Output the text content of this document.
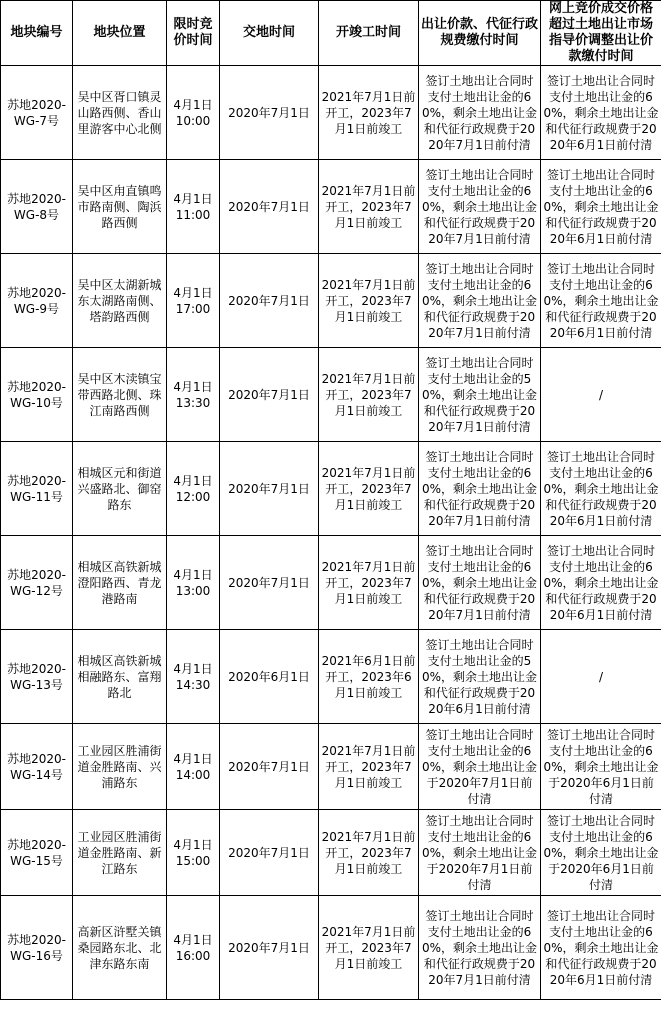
地块编号	地块位置	限时竞价时间	交地时间	开竣工时间	出让价款、代征行政规费缴付时间	网上竞价成交价格超过土地出让市场指导价调整出让价款缴付时间
苏地2020-WG-7号	吴中区胥口镇灵山路西侧、香山里游客中心北侧	4月1日 10:00	2020年7月1日	2021年7月1日前开工，2023年7月1日前竣工	签订土地出让合同时支付土地出让金的60%，剩余土地出让金和代征行政规费于2020年7月1日前付清	签订土地出让合同时支付土地出让金的60%，剩余土地出让金和代征行政规费于2020年6月1日前付清
苏地2020-WG-8号	吴中区甪直镇鸣市路南侧、陶浜路西侧	4月1日 11:00	2020年7月1日	2021年7月1日前开工，2023年7月1日前竣工	签订土地出让合同时支付土地出让金的60%，剩余土地出让金和代征行政规费于2020年7月1日前付清	签订土地出让合同时支付土地出让金的60%，剩余土地出让金和代征行政规费于2020年6月1日前付清
苏地2020-WG-9号	吴中区太湖新城东太湖路南侧、塔韵路西侧	4月1日 17:00	2020年7月1日	2021年7月1日前开工，2023年7月1日前竣工	签订土地出让合同时支付土地出让金的60%，剩余土地出让金和代征行政规费于2020年7月1日前付清	签订土地出让合同时支付土地出让金的60%，剩余土地出让金和代征行政规费于2020年6月1日前付清
苏地2020-WG-10号	吴中区木渎镇宝带西路北侧、珠江南路西侧	4月1日 13:30	2020年7月1日	2021年7月1日前开工，2023年7月1日前竣工	签订土地出让合同时支付土地出让金的50%，剩余土地出让金和代征行政规费于2020年7月1日前付清	/
苏地2020-WG-11号	相城区元和街道兴盛路北、御窑路东	4月1日 12:00	2020年7月1日	2021年7月1日前开工，2023年7月1日前竣工	签订土地出让合同时支付土地出让金的60%，剩余土地出让金和代征行政规费于2020年7月1日前付清	签订土地出让合同时支付土地出让金的60%，剩余土地出让金和代征行政规费于2020年6月1日前付清
苏地2020-WG-12号	相城区高铁新城澄阳路西、青龙港路南	4月1日 13:00	2020年7月1日	2021年7月1日前开工，2023年7月1日前竣工	签订土地出让合同时支付土地出让金的60%，剩余土地出让金和代征行政规费于2020年7月1日前付清	签订土地出让合同时支付土地出让金的60%，剩余土地出让金和代征行政规费于2020年6月1日前付清
苏地2020-WG-13号	相城区高铁新城相融路东、富翔路北	4月1日 14:30	2020年6月1日	2021年6月1日前开工，2023年6月1日前竣工	签订土地出让合同时支付土地出让金的50%，剩余土地出让金和代征行政规费于2020年6月1日前付清	/
苏地2020-WG-14号	工业园区胜浦街道金胜路南、兴浦路东	4月1日 14:00	2020年7月1日	2021年7月1日前开工，2023年7月1日前竣工	签订土地出让合同时支付土地出让金的60%，剩余土地出让金于2020年7月1日前付清	签订土地出让合同时支付土地出让金的60%，剩余土地出让金于2020年6月1日前付清
苏地2020-WG-15号	工业园区胜浦街道金胜路南、新江路东	4月1日 15:00	2020年7月1日	2021年7月1日前开工，2023年7月1日前竣工	签订土地出让合同时支付土地出让金的60%，剩余土地出让金于2020年7月1日前付清	签订土地出让合同时支付土地出让金的60%，剩余土地出让金于2020年6月1日前付清
苏地2020-WG-16号	高新区浒墅关镇桑园路东北、北津东路东南	4月1日 16:00	2020年7月1日	2021年7月1日前开工，2023年7月1日前竣工	签订土地出让合同时支付土地出让金的60%，剩余土地出让金和代征行政规费于2020年7月1日前付清	签订土地出让合同时支付土地出让金的60%，剩余土地出让金和代征行政规费于2020年6月1日前付清
